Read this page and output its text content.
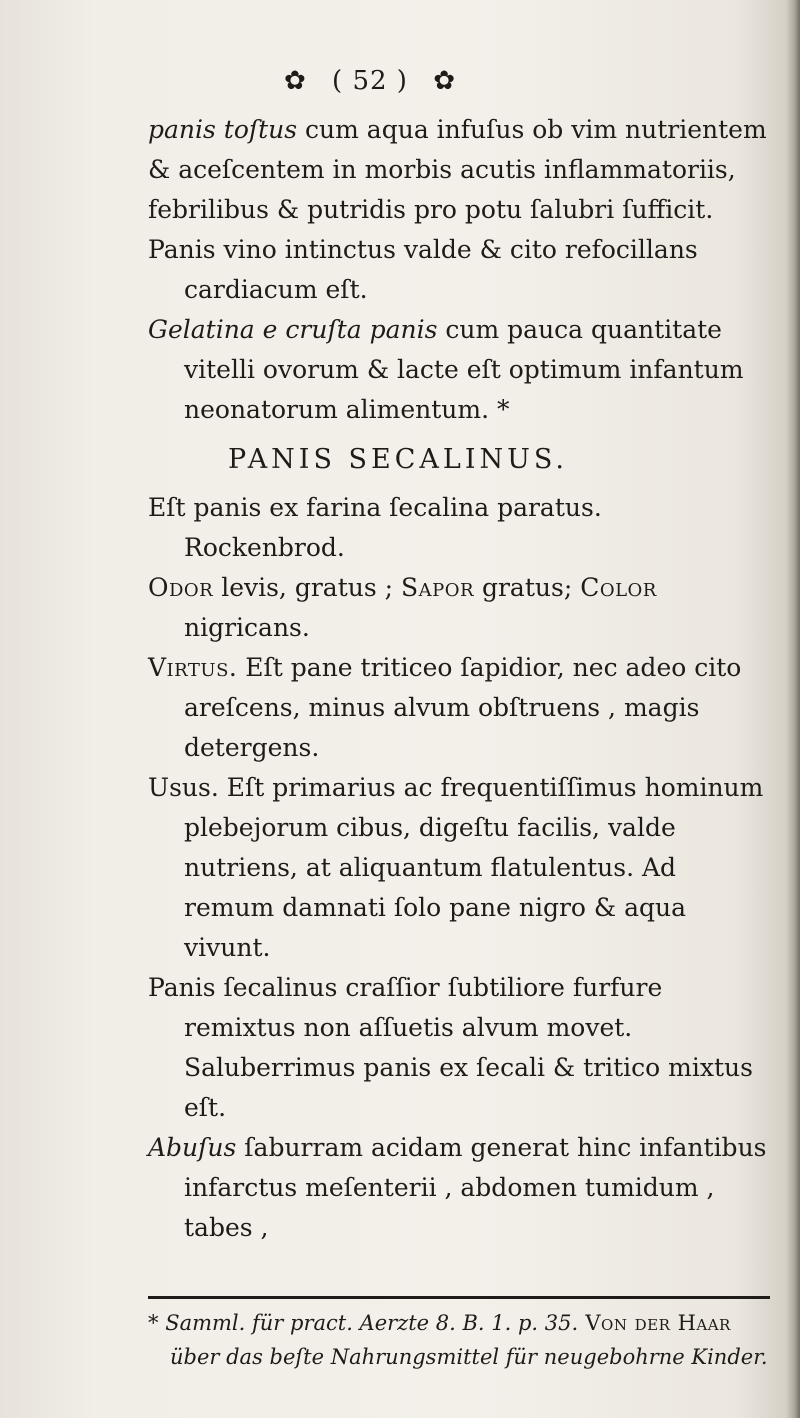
✿ ( 52 ) ✿

panis toſtus cum aqua infuſus ob vim nutrientem & aceſcentem in morbis acutis inflammatoriis, febrilibus & putridis pro potu ſalubri ſufficit.

Panis vino intinctus valde & cito refocillans cardiacum eſt.

Gelatina e cruſta panis cum pauca quantitate vitelli ovorum & lacte eſt optimum infantum neonatorum alimentum. *

PANIS SECALINUS.

Eſt panis ex farina ſecalina paratus. Rockenbrod.

Odor levis, gratus ; Sapor gratus; Color nigricans.

Virtus. Eſt pane triticeo ſapidior, nec adeo cito areſcens, minus alvum obſtruens , magis detergens.

Usus. Eſt primarius ac frequentiſſimus hominum plebejorum cibus, digeſtu facilis, valde nutriens, at aliquantum flatulentus. Ad remum damnati ſolo pane nigro & aqua vivunt.

Panis ſecalinus craſſior ſubtiliore furfure remixtus non aſſuetis alvum movet. Saluberrimus panis ex ſecali & tritico mixtus eſt.

Abuſus ſaburram acidam generat hinc infantibus infarctus meſenterii , abdomen tumidum , tabes ,

* Samml. für pract. Aerzte 8. B. 1. p. 35. Von der Haar über das beſte Nahrungsmittel für neugebohrne Kinder.
